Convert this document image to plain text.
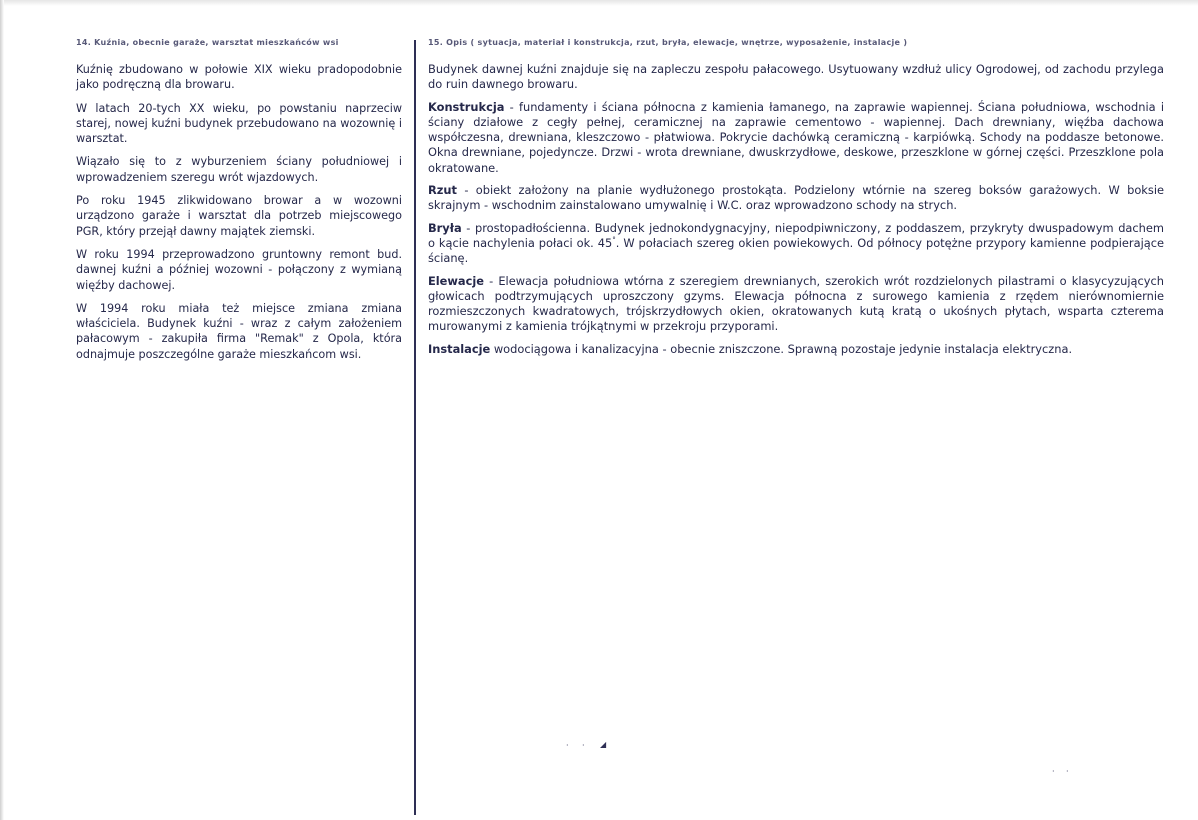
14. Kuźnia, obecnie garaże, warsztat mieszkańców wsi

Kuźnię zbudowano w połowie XIX wieku pradopodobnie jako podręczną dla browaru.

W latach 20-tych XX wieku, po powstaniu naprzeciw starej, nowej kuźni budynek przebudowano na wozownię i warsztat.

Wiązało się to z wyburzeniem ściany południowej i wprowadzeniem szeregu wrót wjazdowych.

Po roku 1945 zlikwidowano browar a w wozowni urządzono garaże i warsztat dla potrzeb miejscowego PGR, który przejął dawny majątek ziemski.

W roku 1994 przeprowadzono gruntowny remont bud. dawnej kuźni a później wozowni - połączony z wymianą więźby dachowej.

W 1994 roku miała też miejsce zmiana zmiana właściciela. Budynek kuźni - wraz z całym założeniem pałacowym - zakupiła firma "Remak" z Opola, która odnajmuje poszczególne garaże mieszkańcom wsi.

15. Opis ( sytuacja, materiał i konstrukcja, rzut, bryła, elewacje, wnętrze, wyposażenie, instalacje )

Budynek dawnej kuźni znajduje się na zapleczu zespołu pałacowego. Usytuowany wzdłuż ulicy Ogrodowej, od zachodu przylega do ruin dawnego browaru.

Konstrukcja - fundamenty i ściana północna z kamienia łamanego, na zaprawie wapiennej. Ściana południowa, wschodnia i ściany działowe z cegły pełnej, ceramicznej na zaprawie cementowo - wapiennej. Dach drewniany, więźba dachowa współczesna, drewniana, kleszczowo - płatwiowa. Pokrycie dachówką ceramiczną - karpiówką. Schody na poddasze betonowe. Okna drewniane, pojedyncze. Drzwi - wrota drewniane, dwuskrzydłowe, deskowe, przeszklone w górnej części. Przeszklone pola okratowane.

Rzut - obiekt założony na planie wydłużonego prostokąta. Podzielony wtórnie na szereg boksów garażowych. W boksie skrajnym - wschodnim zainstalowano umywalnię i W.C. oraz wprowadzono schody na strych.

Bryła - prostopadłościenna. Budynek jednokondygnacyjny, niepodpiwniczony, z poddaszem, przykryty dwuspadowym dachem o kącie nachylenia połaci ok. 45°. W połaciach szereg okien powiekowych. Od północy potężne przypory kamienne podpierające ścianę.

Elewacje - Elewacja południowa wtórna z szeregiem drewnianych, szerokich wrót rozdzielonych pilastrami o klasycyzujących głowicach podtrzymujących uproszczony gzyms. Elewacja północna z surowego kamienia z rzędem nierównomiernie rozmieszczonych kwadratowych, trójskrzydłowych okien, okratowanych kutą kratą o ukośnych płytach, wsparta czterema murowanymi z kamienia trójkątnymi w przekroju przyporami.

Instalacje wodociągowa i kanalizacyjna - obecnie zniszczone. Sprawną pozostaje jedynie instalacja elektryczna.

· · ◢
· ·
